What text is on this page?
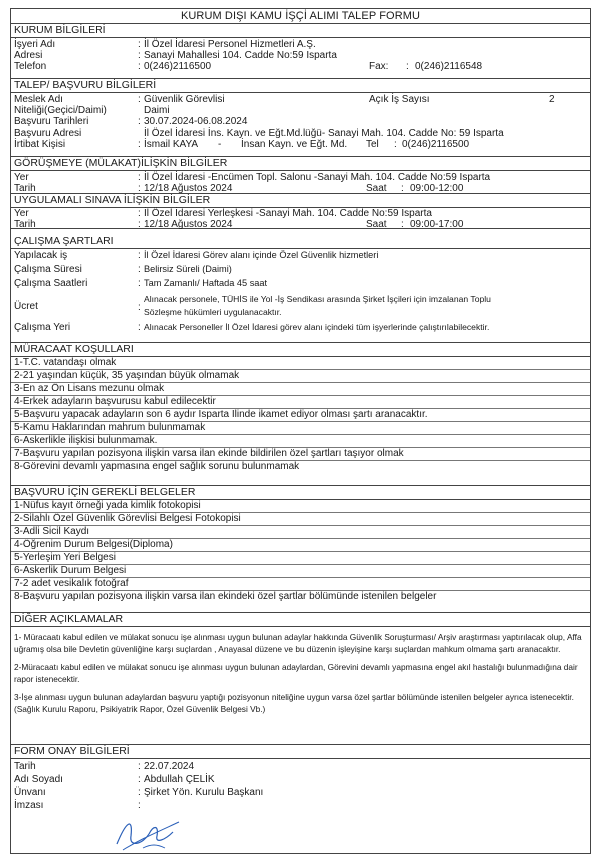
KURUM DIŞI KAMU İŞÇİ ALIMI TALEP FORMU
KURUM BİLGİLERİ
İşyeri Adı	: İl Özel İdaresi Personel Hizmetleri A.Ş.
Adresi	: Sanayi Mahallesi 104. Cadde No:59 Isparta
Telefon	: 0(246)2116500	Fax: : 0(246)2116548
TALEP/ BAŞVURU BİLGİLERİ
Meslek Adı	: Güvenlik Görevlisi	Açık İş Sayısı	2
Niteliği(Geçici/Daimi)	Daimi
Başvuru Tarihleri	: 30.07.2024-06.08.2024
Başvuru Adresi	İl Özel İdaresi İns. Kayn. ve Eğt.Md.lüğü- Sanayi Mah. 104. Cadde No: 59 Isparta
İrtibat Kişisi	: İsmail KAYA - İnsan Kayn. ve Eğt. Md. Tel : 0(246)2116500
GÖRÜŞMEYE (MÜLAKAT)İLİŞKİN BİLGİLER
Yer	: İl Özel İdaresi -Encümen Topl. Salonu -Sanayi Mah. 104. Cadde No:59 Isparta
Tarih	: 12/18 Ağustos 2024	Saat : 09:00-12:00
UYGULAMALI SINAVA İLİŞKİN BİLGİLER
Yer	: İl Özel İdaresi Yerleşkesi -Sanayi Mah. 104. Cadde No:59 Isparta
Tarih	: 12/18 Ağustos 2024	Saat : 09:00-17:00
ÇALIŞMA ŞARTLARI
Yapılacak iş	: İl Özel İdaresi Görev alanı içinde Özel Güvenlik hizmetleri
Çalışma Süresi	: Belirsiz Süreli (Daimi)
Çalışma Saatleri	: Tam Zamanlı/ Haftada 45 saat
Ücret	:
Alınacak personele, TÜHİS ile Yol -İş Sendikası arasında Şirket İşçileri için imzalanan Toplu
Sözleşme hükümleri uygulanacaktır.
Çalışma Yeri	: Alınacak Personeller İl Özel İdaresi görev alanı içindeki tüm işyerlerinde çalıştırılabilecektir.
MÜRACAAT KOŞULLARI
1-T.C. vatandaşı olmak
2-21 yaşından küçük, 35 yaşından büyük olmamak
3-En az Ön Lisans mezunu olmak
4-Erkek adayların başvurusu kabul edilecektir
5-Başvuru yapacak adayların son 6 aydır Isparta İlinde ikamet ediyor olması şartı aranacaktır.
5-Kamu Haklarından mahrum bulunmamak
6-Askerlikle ilişkisi bulunmamak.
7-Başvuru yapılan pozisyona ilişkin varsa ilan ekinde bildirilen özel şartları taşıyor olmak
8-Görevini devamlı yapmasına engel sağlık sorunu bulunmamak
BAŞVURU İÇİN GEREKLİ BELGELER
1-Nüfus kayıt örneği yada kimlik fotokopisi
2-Silahlı Özel Güvenlik Görevlisi Belgesi Fotokopisi
3-Adli Sicil Kaydı
4-Öğrenim Durum Belgesi(Diploma)
5-Yerleşim Yeri Belgesi
6-Askerlik Durum Belgesi
7-2 adet vesikalık fotoğraf
8-Başvuru yapılan pozisyona ilişkin varsa ilan ekindeki özel şartlar bölümünde istenilen belgeler
DİĞER AÇIKLAMALAR
1- Müracaatı kabul edilen ve mülakat sonucu işe alınması uygun bulunan adaylar hakkında Güvenlik Soruşturması/ Arşiv araştırması yaptırılacak olup, Affa uğramış olsa bile Devletin güvenliğine karşı suçlardan , Anayasal düzene ve bu düzenin işleyişine karşı suçlardan mahkum olmama şartı aranacaktır.
2-Müracaatı kabul edilen ve mülakat sonucu işe alınması uygun bulunan adaylardan, Görevini devamlı yapmasına engel akıl hastalığı bulunmadığına dair rapor istenecektir.
3-İşe alınması uygun bulunan adaylardan başvuru yaptığı pozisyonun niteliğine uygun varsa özel şartlar bölümünde istenilen belgeler ayrıca istenecektir.(Sağlık Kurulu Raporu, Psikiyatrik Rapor, Özel Güvenlik Belgesi Vb.)
FORM ONAY BİLGİLERİ
Tarih	: 22.07.2024
Adı Soyadı	: Abdullah ÇELİK
Ünvanı	: Şirket Yön. Kurulu Başkanı
İmzası	:
